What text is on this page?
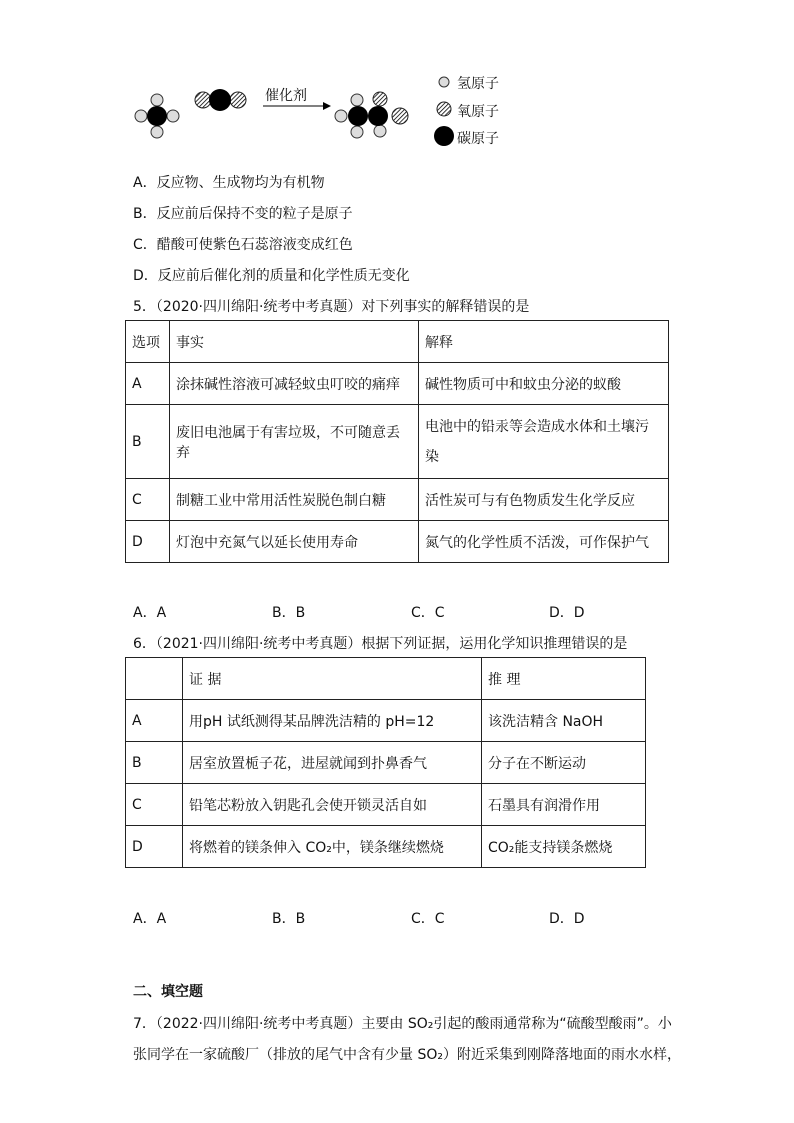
催化剂
氢原子
氧原子
碳原子
A．反应物、生成物均为有机物
B．反应前后保持不变的粒子是原子
C．醋酸可使紫色石蕊溶液变成红色
D．反应前后催化剂的质量和化学性质无变化
5．（2020·四川绵阳·统考中考真题）对下列事实的解释错误的是
选项	事实	解释
A	涂抹碱性溶液可减轻蚊虫叮咬的痛痒	碱性物质可中和蚊虫分泌的蚁酸
B	废旧电池属于有害垃圾，不可随意丢弃	电池中的铅汞等会造成水体和土壤污染
C	制糖工业中常用活性炭脱色制白糖	活性炭可与有色物质发生化学反应
D	灯泡中充氮气以延长使用寿命	氮气的化学性质不活泼，可作保护气
A．A	B．B	C．C	D．D
6．（2021·四川绵阳·统考中考真题）根据下列证据，运用化学知识推理错误的是
	证 据	推 理
A	用pH 试纸测得某品牌洗洁精的 pH=12	该洗洁精含 NaOH
B	居室放置栀子花，进屋就闻到扑鼻香气	分子在不断运动
C	铅笔芯粉放入钥匙孔会使开锁灵活自如	石墨具有润滑作用
D	将燃着的镁条伸入 CO₂中，镁条继续燃烧	CO₂能支持镁条燃烧
A．A	B．B	C．C	D．D
二、填空题
7．（2022·四川绵阳·统考中考真题）主要由 SO₂引起的酸雨通常称为“硫酸型酸雨”。小
张同学在一家硫酸厂（排放的尾气中含有少量 SO₂）附近采集到刚降落地面的雨水水样，
